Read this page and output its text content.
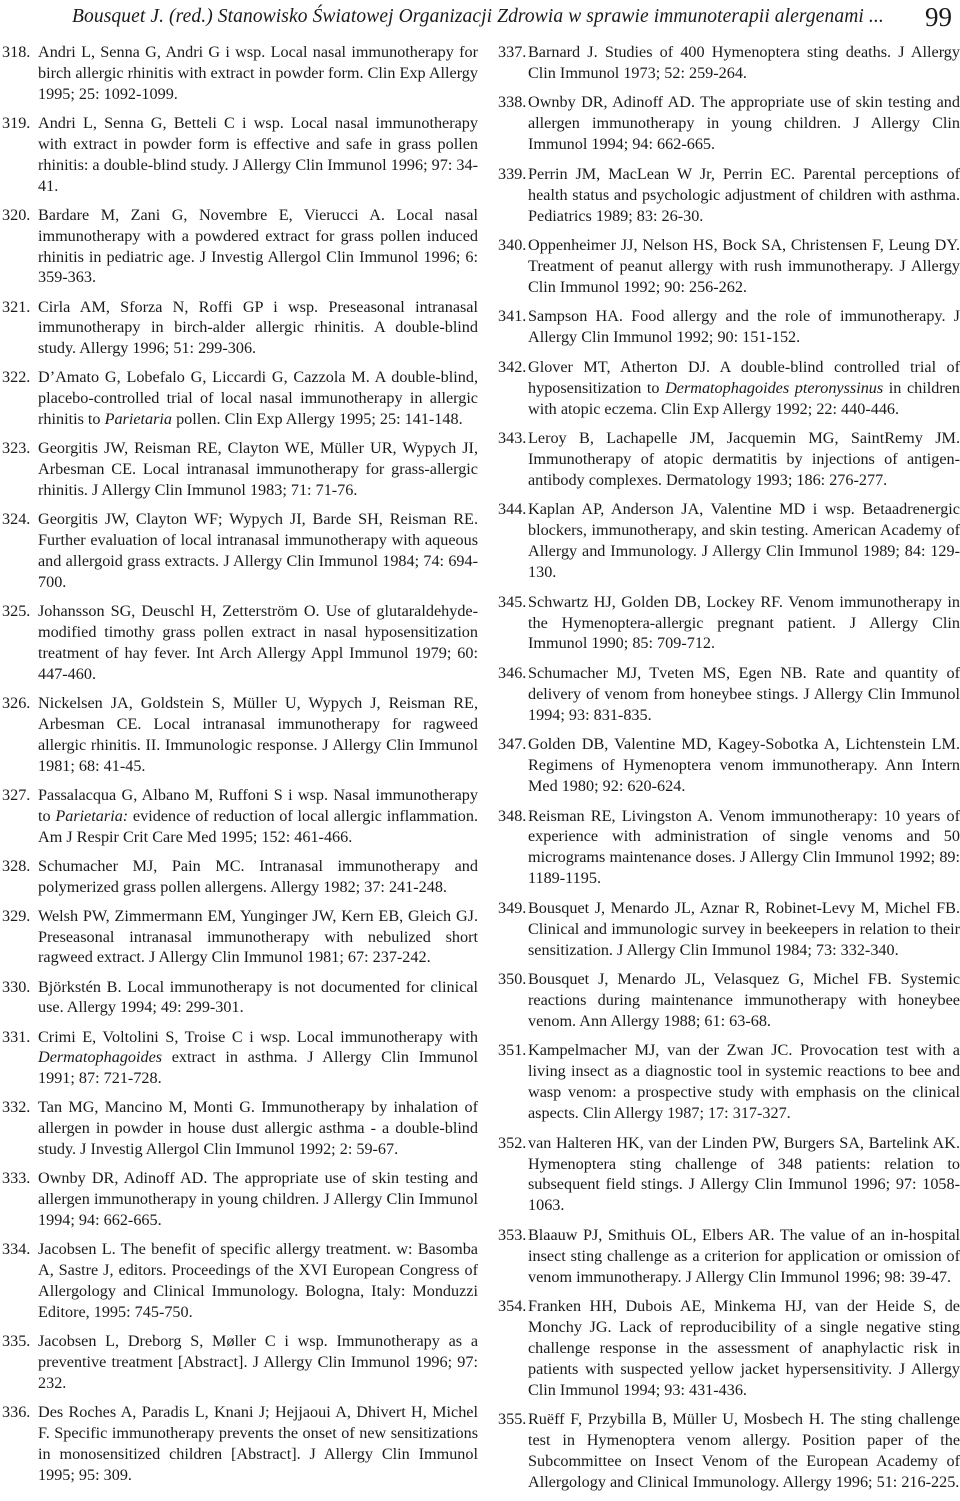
Bousquet J. (red.) Stanowisko Światowej Organizacji Zdrowia w sprawie immunoterapii alergenami ... 99
318. Andri L, Senna G, Andri G i wsp. Local nasal immunotherapy for birch allergic rhinitis with extract in powder form. Clin Exp Allergy 1995; 25: 1092-1099.
319. Andri L, Senna G, Betteli C i wsp. Local nasal immunotherapy with extract in powder form is effective and safe in grass pollen rhinitis: a double-blind study. J Allergy Clin Immunol 1996; 97: 34-41.
320. Bardare M, Zani G, Novembre E, Vierucci A. Local nasal immunotherapy with a powdered extract for grass pollen induced rhinitis in pediatric age. J Investig Allergol Clin Immunol 1996; 6: 359-363.
321. Cirla AM, Sforza N, Roffi GP i wsp. Preseasonal intranasal immunotherapy in birch-alder allergic rhinitis. A double-blind study. Allergy 1996; 51: 299-306.
322. D’Amato G, Lobefalo G, Liccardi G, Cazzola M. A double-blind, placebo-controlled trial of local nasal immunotherapy in allergic rhinitis to Parietaria pollen. Clin Exp Allergy 1995; 25: 141-148.
323. Georgitis JW, Reisman RE, Clayton WE, Müller UR, Wypych JI, Arbesman CE. Local intranasal immunotherapy for grass-allergic rhinitis. J Allergy Clin Immunol 1983; 71: 71-76.
324. Georgitis JW, Clayton WF; Wypych JI, Barde SH, Reisman RE. Further evaluation of local intranasal immunotherapy with aqueous and allergoid grass extracts. J Allergy Clin Immunol 1984; 74: 694-700.
325. Johansson SG, Deuschl H, Zetterström O. Use of glutaraldehyde-modified timothy grass pollen extract in nasal hyposensitization treatment of hay fever. Int Arch Allergy Appl Immunol 1979; 60: 447-460.
326. Nickelsen JA, Goldstein S, Müller U, Wypych J, Reisman RE, Arbesman CE. Local intranasal immunotherapy for ragweed allergic rhinitis. II. Immunologic response. J Allergy Clin Immunol 1981; 68: 41-45.
327. Passalacqua G, Albano M, Ruffoni S i wsp. Nasal immunotherapy to Parietaria: evidence of reduction of local allergic inflammation. Am J Respir Crit Care Med 1995; 152: 461-466.
328. Schumacher MJ, Pain MC. Intranasal immunotherapy and polymerized grass pollen allergens. Allergy 1982; 37: 241-248.
329. Welsh PW, Zimmermann EM, Yunginger JW, Kern EB, Gleich GJ. Preseasonal intranasal immunotherapy with nebulized short ragweed extract. J Allergy Clin Immunol 1981; 67: 237-242.
330. Björkstén B. Local immunotherapy is not documented for clinical use. Allergy 1994; 49: 299-301.
331. Crimi E, Voltolini S, Troise C i wsp. Local immunotherapy with Dermatophagoides extract in asthma. J Allergy Clin Immunol 1991; 87: 721-728.
332. Tan MG, Mancino M, Monti G. Immunotherapy by inhalation of allergen in powder in house dust allergic asthma - a double-blind study. J Investig Allergol Clin Immunol 1992; 2: 59-67.
333. Ownby DR, Adinoff AD. The appropriate use of skin testing and allergen immunotherapy in young children. J Allergy Clin Immunol 1994; 94: 662-665.
334. Jacobsen L. The benefit of specific allergy treatment. w: Basomba A, Sastre J, editors. Proceedings of the XVI European Congress of Allergology and Clinical Immunology. Bologna, Italy: Monduzzi Editore, 1995: 745-750.
335. Jacobsen L, Dreborg S, Møller C i wsp. Immunotherapy as a preventive treatment [Abstract]. J Allergy Clin Immunol 1996; 97: 232.
336. Des Roches A, Paradis L, Knani J; Hejjaoui A, Dhivert H, Michel F. Specific immunotherapy prevents the onset of new sensitizations in monosensitized children [Abstract]. J Allergy Clin Immunol 1995; 95: 309.
337. Barnard J. Studies of 400 Hymenoptera sting deaths. J Allergy Clin Immunol 1973; 52: 259-264.
338. Ownby DR, Adinoff AD. The appropriate use of skin testing and allergen immunotherapy in young children. J Allergy Clin Immunol 1994; 94: 662-665.
339. Perrin JM, MacLean W Jr, Perrin EC. Parental perceptions of health status and psychologic adjustment of children with asthma. Pediatrics 1989; 83: 26-30.
340. Oppenheimer JJ, Nelson HS, Bock SA, Christensen F, Leung DY. Treatment of peanut allergy with rush immunotherapy. J Allergy Clin Immunol 1992; 90: 256-262.
341. Sampson HA. Food allergy and the role of immunotherapy. J Allergy Clin Immunol 1992; 90: 151-152.
342. Glover MT, Atherton DJ. A double-blind controlled trial of hyposensitization to Dermatophagoides pteronyssinus in children with atopic eczema. Clin Exp Allergy 1992; 22: 440-446.
343. Leroy B, Lachapelle JM, Jacquemin MG, SaintRemy JM. Immunotherapy of atopic dermatitis by injections of antigen-antibody complexes. Dermatology 1993; 186: 276-277.
344. Kaplan AP, Anderson JA, Valentine MD i wsp. Betaadrenergic blockers, immunotherapy, and skin testing. American Academy of Allergy and Immunology. J Allergy Clin Immunol 1989; 84: 129-130.
345. Schwartz HJ, Golden DB, Lockey RF. Venom immunotherapy in the Hymenoptera-allergic pregnant patient. J Allergy Clin Immunol 1990; 85: 709-712.
346. Schumacher MJ, Tveten MS, Egen NB. Rate and quantity of delivery of venom from honeybee stings. J Allergy Clin Immunol 1994; 93: 831-835.
347. Golden DB, Valentine MD, Kagey-Sobotka A, Lichtenstein LM. Regimens of Hymenoptera venom immunotherapy. Ann Intern Med 1980; 92: 620-624.
348. Reisman RE, Livingston A. Venom immunotherapy: 10 years of experience with administration of single venoms and 50 micrograms maintenance doses. J Allergy Clin Immunol 1992; 89: 1189-1195.
349. Bousquet J, Menardo JL, Aznar R, Robinet-Levy M, Michel FB. Clinical and immunologic survey in beekeepers in relation to their sensitization. J Allergy Clin Immunol 1984; 73: 332-340.
350. Bousquet J, Menardo JL, Velasquez G, Michel FB. Systemic reactions during maintenance immunotherapy with honeybee venom. Ann Allergy 1988; 61: 63-68.
351. Kampelmacher MJ, van der Zwan JC. Provocation test with a living insect as a diagnostic tool in systemic reactions to bee and wasp venom: a prospective study with emphasis on the clinical aspects. Clin Allergy 1987; 17: 317-327.
352. van Halteren HK, van der Linden PW, Burgers SA, Bartelink AK. Hymenoptera sting challenge of 348 patients: relation to subsequent field stings. J Allergy Clin Immunol 1996; 97: 1058-1063.
353. Blaauw PJ, Smithuis OL, Elbers AR. The value of an in-hospital insect sting challenge as a criterion for application or omission of venom immunotherapy. J Allergy Clin Immunol 1996; 98: 39-47.
354. Franken HH, Dubois AE, Minkema HJ, van der Heide S, de Monchy JG. Lack of reproducibility of a single negative sting challenge response in the assessment of anaphylactic risk in patients with suspected yellow jacket hypersensitivity. J Allergy Clin Immunol 1994; 93: 431-436.
355. Ruëff F, Przybilla B, Müller U, Mosbech H. The sting challenge test in Hymenoptera venom allergy. Position paper of the Subcommittee on Insect Venom of the European Academy of Allergology and Clinical Immunology. Allergy 1996; 51: 216-225.
